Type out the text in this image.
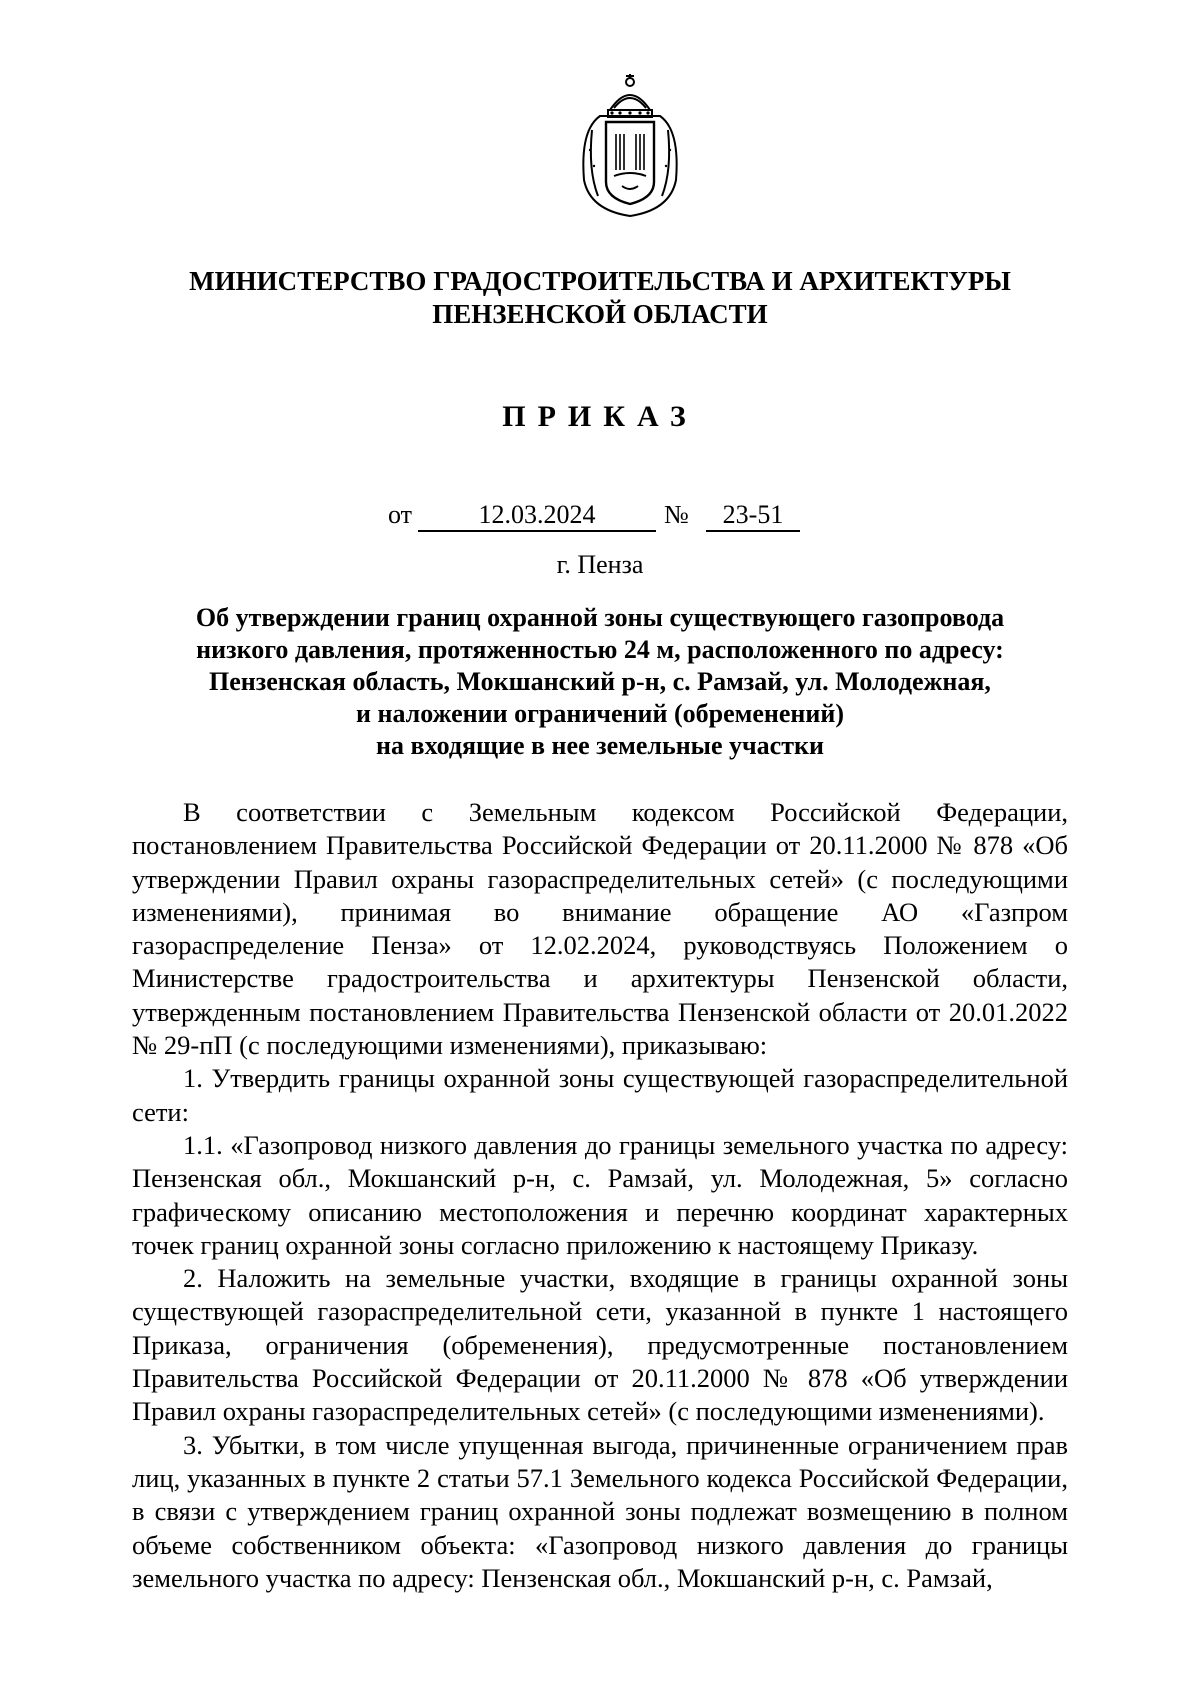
МИНИСТЕРСТВО ГРАДОСТРОИТЕЛЬСТВА И АРХИТЕКТУРЫ
ПЕНЗЕНСКОЙ ОБЛАСТИ
ПРИКАЗ
от	12.03.2024	№	23-51
г. Пенза
Об утверждении границ охранной зоны существующего газопровода
низкого давления, протяженностью 24 м, расположенного по адресу:
Пензенская область, Мокшанский р-н, с. Рамзай, ул. Молодежная,
и наложении ограничений (обременений)
на входящие в нее земельные участки

В соответствии с Земельным кодексом Российской Федерации, постановлением Правительства Российской Федерации от 20.11.2000 № 878 «Об утверждении Правил охраны газораспределительных сетей» (с последующими изменениями), принимая во внимание обращение АО «Газпром газораспределение Пенза» от 12.02.2024, руководствуясь Положением о Министерстве градостроительства и архитектуры Пензенской области, утвержденным постановлением Правительства Пензенской области от 20.01.2022 № 29-пП (с последующими изменениями), приказываю:

1. Утвердить границы охранной зоны существующей газораспределительной сети:

1.1. «Газопровод низкого давления до границы земельного участка по адресу: Пензенская обл., Мокшанский р-н, с. Рамзай, ул. Молодежная, 5» согласно графическому описанию местоположения и перечню координат характерных точек границ охранной зоны согласно приложению к настоящему Приказу.

2. Наложить на земельные участки, входящие в границы охранной зоны существующей газораспределительной сети, указанной в пункте 1 настоящего Приказа, ограничения (обременения), предусмотренные постановлением Правительства Российской Федерации от 20.11.2000 № 878 «Об утверждении Правил охраны газораспределительных сетей» (с последующими изменениями).

3. Убытки, в том числе упущенная выгода, причиненные ограничением прав лиц, указанных в пункте 2 статьи 57.1 Земельного кодекса Российской Федерации, в связи с утверждением границ охранной зоны подлежат возмещению в полном объеме собственником объекта: «Газопровод низкого давления до границы земельного участка по адресу: Пензенская обл., Мокшанский р-н, с. Рамзай,
